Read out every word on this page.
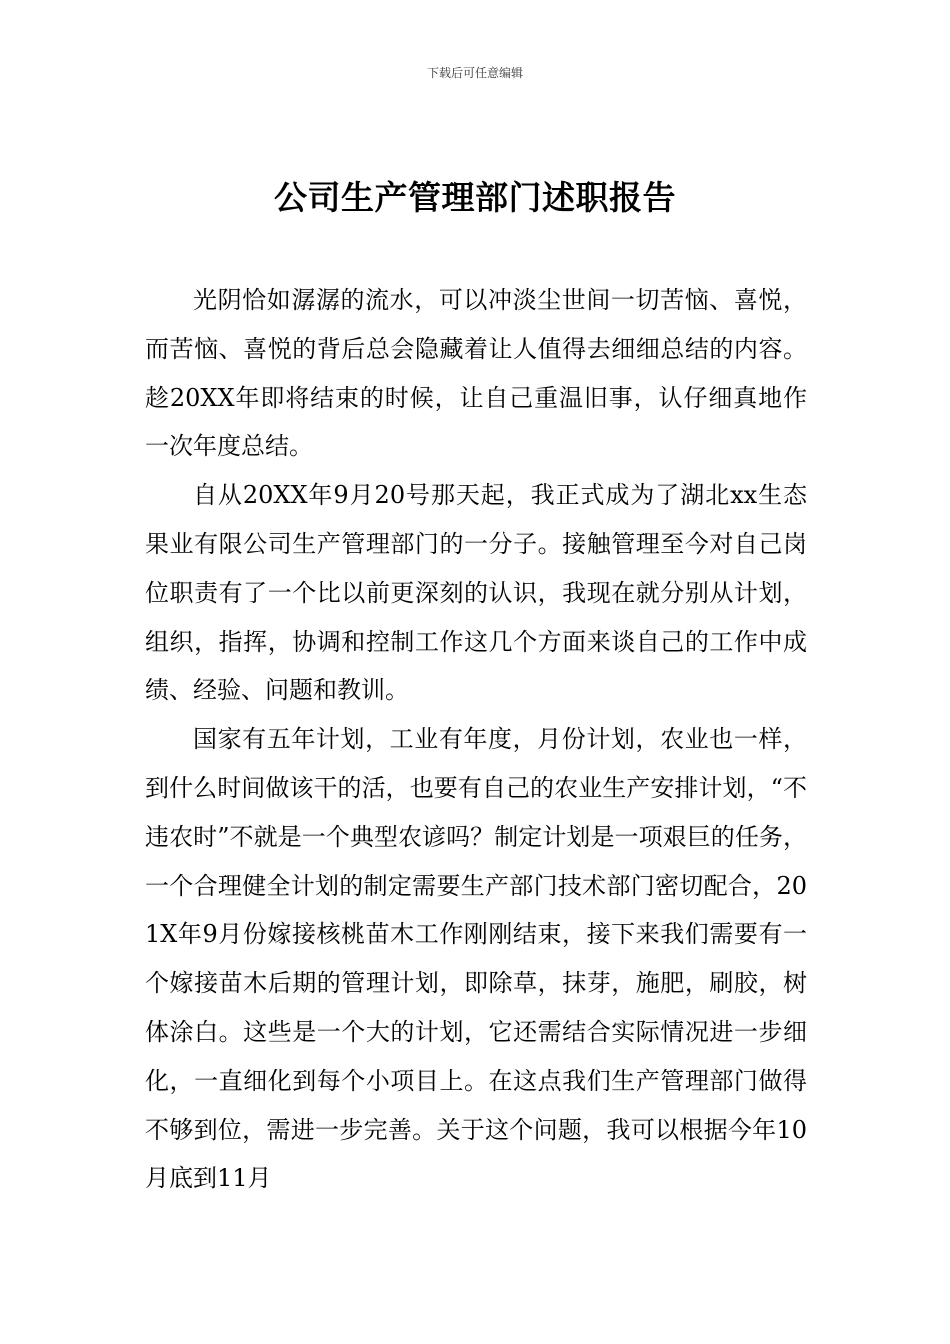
下载后可任意编辑
公司生产管理部门述职报告

光阴恰如潺潺的流水，可以冲淡尘世间一切苦恼、喜悦，而苦恼、喜悦的背后总会隐藏着让人值得去细细总结的内容。趁20XX年即将结束的时候，让自己重温旧事，认仔细真地作一次年度总结。

自从20XX年9月20号那天起，我正式成为了湖北xx生态果业有限公司生产管理部门的一分子。接触管理至今对自己岗位职责有了一个比以前更深刻的认识，我现在就分别从计划，组织，指挥，协调和控制工作这几个方面来谈自己的工作中成绩、经验、问题和教训。

国家有五年计划，工业有年度，月份计划，农业也一样，到什么时间做该干的活，也要有自己的农业生产安排计划，“不违农时”不就是一个典型农谚吗？制定计划是一项艰巨的任务，一个合理健全计划的制定需要生产部门技术部门密切配合，201X年9月份嫁接核桃苗木工作刚刚结束，接下来我们需要有一个嫁接苗木后期的管理计划，即除草，抹芽，施肥，刷胶，树体涂白。这些是一个大的计划，它还需结合实际情况进一步细化，一直细化到每个小项目上。在这点我们生产管理部门做得不够到位，需进一步完善。关于这个问题，我可以根据今年10月底到11月
